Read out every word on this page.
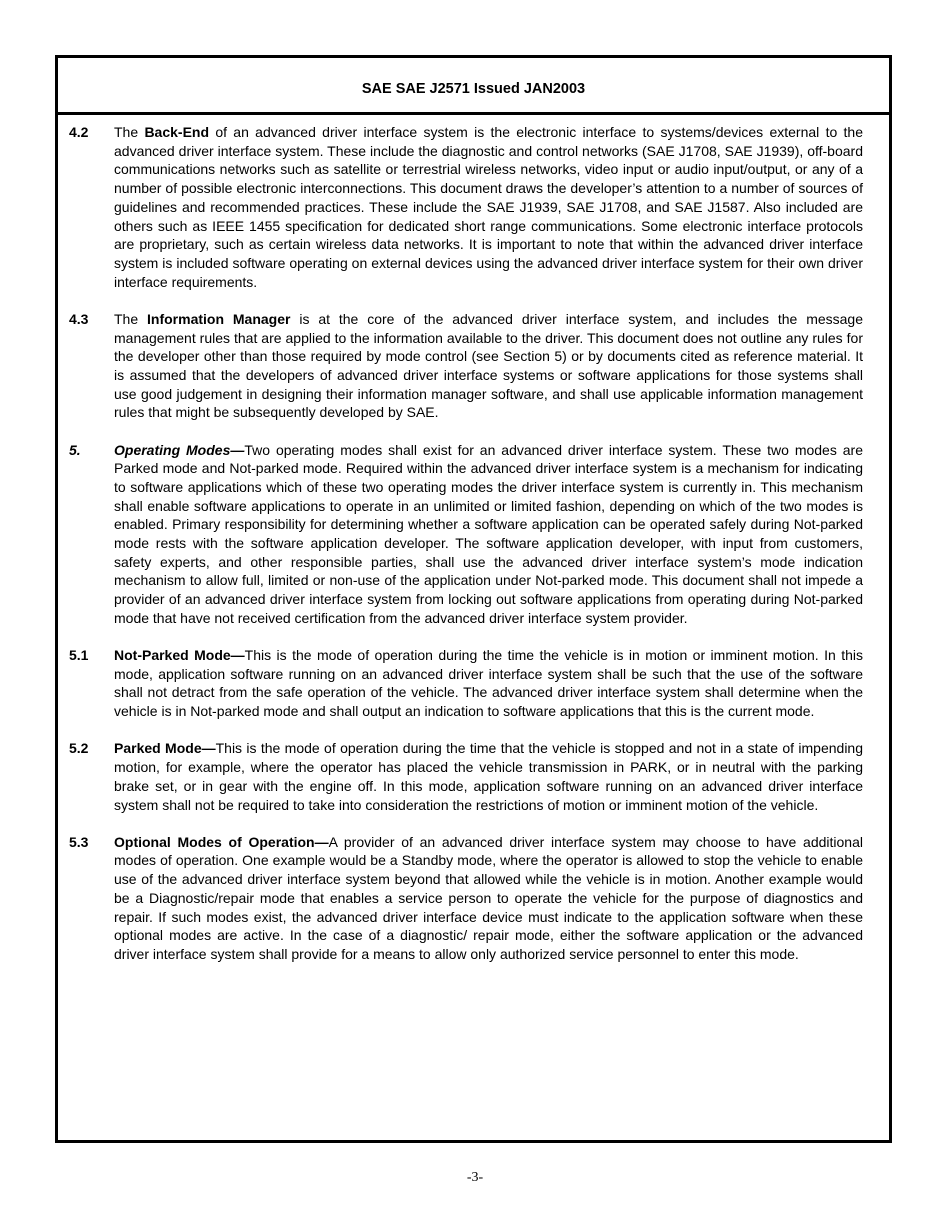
SAE SAE J2571 Issued JAN2003
4.2	The Back-End of an advanced driver interface system is the electronic interface to systems/devices external to the advanced driver interface system. These include the diagnostic and control networks (SAE J1708, SAE J1939), off-board communications networks such as satellite or terrestrial wireless networks, video input or audio input/output, or any of a number of possible electronic interconnections. This document draws the developer’s attention to a number of sources of guidelines and recommended practices. These include the SAE J1939, SAE J1708, and SAE J1587. Also included are others such as IEEE 1455 specification for dedicated short range communications. Some electronic interface protocols are proprietary, such as certain wireless data networks. It is important to note that within the advanced driver interface system is included software operating on external devices using the advanced driver interface system for their own driver interface requirements.
4.3	The Information Manager is at the core of the advanced driver interface system, and includes the message management rules that are applied to the information available to the driver. This document does not outline any rules for the developer other than those required by mode control (see Section 5) or by documents cited as reference material. It is assumed that the developers of advanced driver interface systems or software applications for those systems shall use good judgement in designing their information manager software, and shall use applicable information management rules that might be subsequently developed by SAE.
5.	Operating Modes—Two operating modes shall exist for an advanced driver interface system. These two modes are Parked mode and Not-parked mode. Required within the advanced driver interface system is a mechanism for indicating to software applications which of these two operating modes the driver interface system is currently in. This mechanism shall enable software applications to operate in an unlimited or limited fashion, depending on which of the two modes is enabled. Primary responsibility for determining whether a software application can be operated safely during Not-parked mode rests with the software application developer. The software application developer, with input from customers, safety experts, and other responsible parties, shall use the advanced driver interface system’s mode indication mechanism to allow full, limited or non-use of the application under Not-parked mode. This document shall not impede a provider of an advanced driver interface system from locking out software applications from operating during Not-parked mode that have not received certification from the advanced driver interface system provider.
5.1	Not-Parked Mode—This is the mode of operation during the time the vehicle is in motion or imminent motion. In this mode, application software running on an advanced driver interface system shall be such that the use of the software shall not detract from the safe operation of the vehicle. The advanced driver interface system shall determine when the vehicle is in Not-parked mode and shall output an indication to software applications that this is the current mode.
5.2	Parked Mode—This is the mode of operation during the time that the vehicle is stopped and not in a state of impending motion, for example, where the operator has placed the vehicle transmission in PARK, or in neutral with the parking brake set, or in gear with the engine off. In this mode, application software running on an advanced driver interface system shall not be required to take into consideration the restrictions of motion or imminent motion of the vehicle.
5.3	Optional Modes of Operation—A provider of an advanced driver interface system may choose to have additional modes of operation. One example would be a Standby mode, where the operator is allowed to stop the vehicle to enable use of the advanced driver interface system beyond that allowed while the vehicle is in motion. Another example would be a Diagnostic/repair mode that enables a service person to operate the vehicle for the purpose of diagnostics and repair. If such modes exist, the advanced driver interface device must indicate to the application software when these optional modes are active. In the case of a diagnostic/ repair mode, either the software application or the advanced driver interface system shall provide for a means to allow only authorized service personnel to enter this mode.
-3-
